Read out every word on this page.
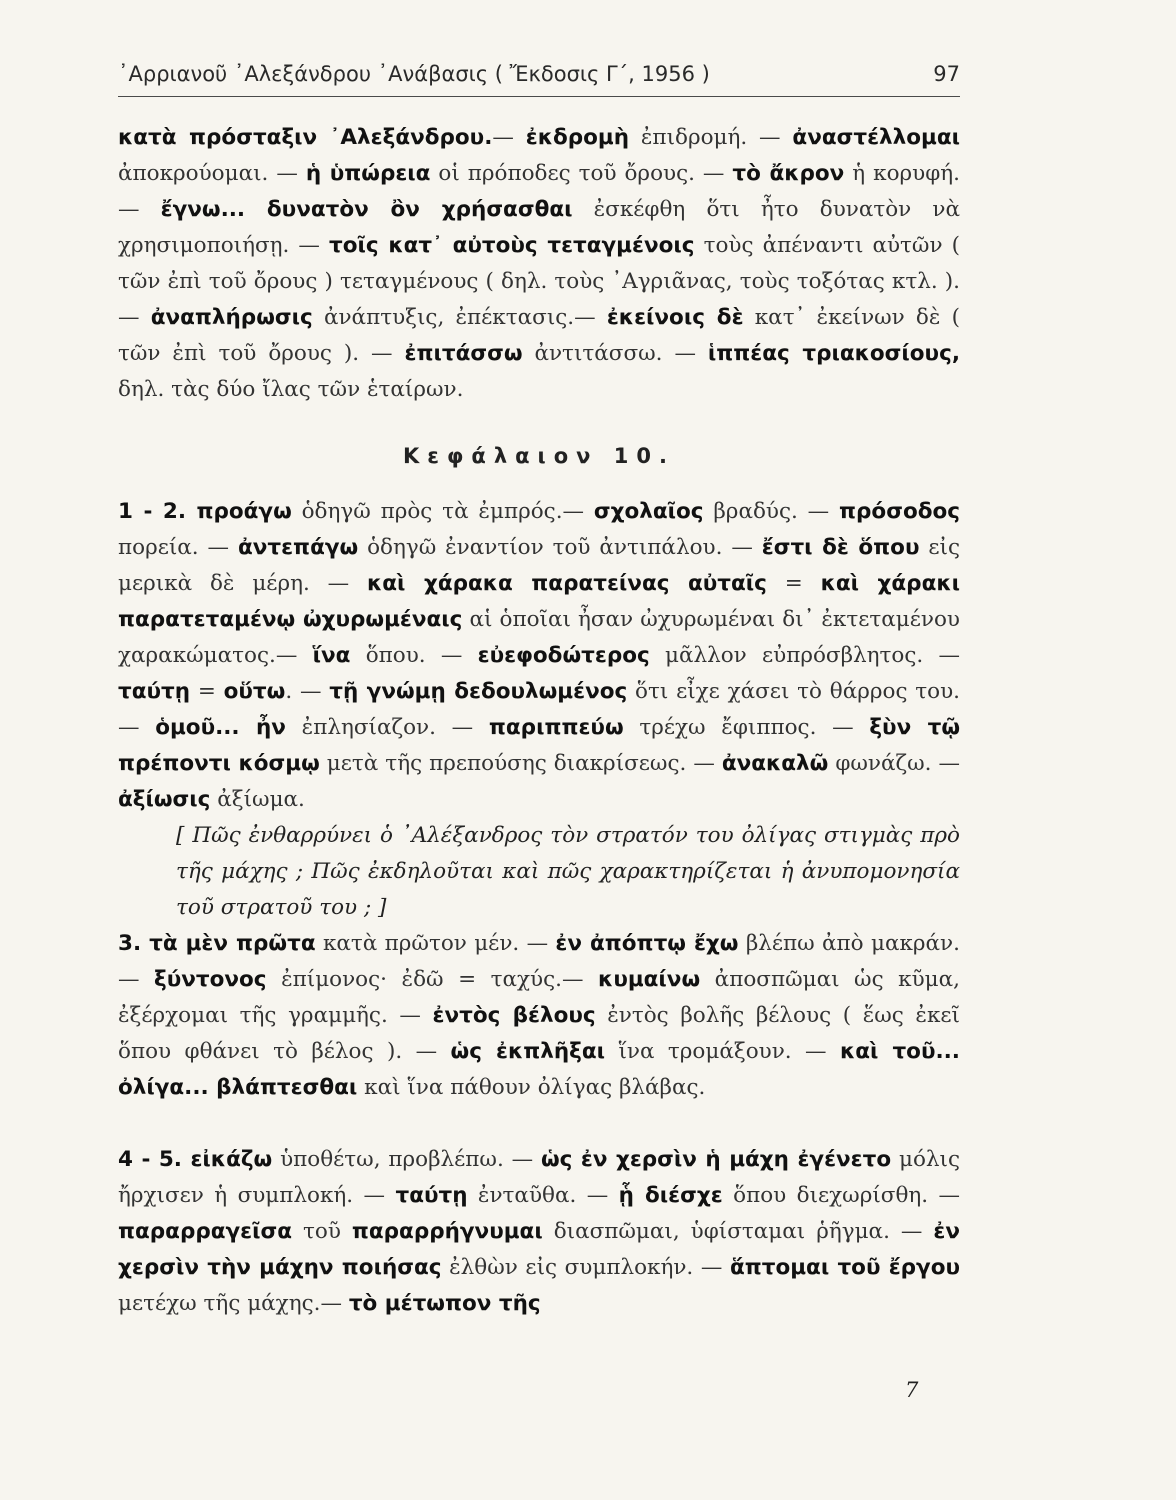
᾿Αρριανοῦ ᾿Αλεξάνδρου ᾿Ανάβασις ( Ἔκδοσις Γ΄, 1956 )	97

κατὰ πρόσταξιν ᾿Αλεξάνδρου.— ἐκδρομὴ ἐπιδρομή. — ἀναστέλλομαι ἀποκρούομαι. — ἡ ὑπώρεια οἱ πρόποδες τοῦ ὄρους. — τὸ ἄκρον ἡ κορυφή. — ἔγνω... δυνατὸν ὂν χρήσασθαι ἐσκέφθη ὅτι ἦτο δυνατὸν νὰ χρησιμοποιήσῃ. — τοῖς κατ᾿ αὐτοὺς τεταγμένοις τοὺς ἀπέναντι αὐτῶν ( τῶν ἐπὶ τοῦ ὄρους ) τεταγμένους ( δηλ. τοὺς ᾿Αγριᾶνας, τοὺς τοξότας κτλ. ). — ἀναπλήρωσις ἀνάπτυξις, ἐπέκτασις.— ἐκείνοις δὲ κατ᾿ ἐκείνων δὲ ( τῶν ἐπὶ τοῦ ὄρους ). — ἐπιτάσσω ἀντιτάσσω. — ἱππέας τριακοσίους, δηλ. τὰς δύο ἴλας τῶν ἑταίρων.

Κεφάλαιον 10.

1 - 2. προάγω ὁδηγῶ πρὸς τὰ ἐμπρός.— σχολαῖος βραδύς. — πρόσοδος πορεία. — ἀντεπάγω ὁδηγῶ ἐναντίον τοῦ ἀντιπάλου. — ἔστι δὲ ὅπου εἰς μερικὰ δὲ μέρη. — καὶ χάρακα παρατείνας αὐταῖς = καὶ χάρακι παρατεταμένῳ ὠχυρωμέναις αἱ ὁποῖαι ἦσαν ὠχυρωμέναι δι᾿ ἐκτεταμένου χαρακώματος.— ἵνα ὅπου. — εὐεφοδώτερος μᾶλλον εὐπρόσβλητος. — ταύτῃ = οὕτω. — τῇ γνώμῃ δεδουλωμένος ὅτι εἶχε χάσει τὸ θάρρος του.— ὁμοῦ... ἦν ἐπλησίαζον. — παριππεύω τρέχω ἔφιππος. — ξὺν τῷ πρέποντι κόσμῳ μετὰ τῆς πρεπούσης διακρίσεως. — ἀνακαλῶ φωνάζω. — ἀξίωσις ἀξίωμα.

[ Πῶς ἐνθαρρύνει ὁ ᾿Αλέξανδρος τὸν στρατόν του ὀλίγας στιγμὰς πρὸ τῆς μάχης ; Πῶς ἐκδηλοῦται καὶ πῶς χαρακτηρίζεται ἡ ἀνυπομονησία τοῦ στρατοῦ του ; ]

3. τὰ μὲν πρῶτα κατὰ πρῶτον μέν. — ἐν ἀπόπτῳ ἔχω βλέπω ἀπὸ μακράν. — ξύντονος ἐπίμονος· ἐδῶ = ταχύς.— κυμαίνω ἀποσπῶμαι ὡς κῦμα, ἐξέρχομαι τῆς γραμμῆς. — ἐντὸς βέλους ἐντὸς βολῆς βέλους ( ἕως ἐκεῖ ὅπου φθάνει τὸ βέλος ). — ὡς ἐκπλῆξαι ἵνα τρομάξουν. — καὶ τοῦ... ὀλίγα... βλάπτεσθαι καὶ ἵνα πάθουν ὀλίγας βλάβας.

4 - 5. εἰκάζω ὑποθέτω, προβλέπω. — ὡς ἐν χερσὶν ἡ μάχη ἐγένετο μόλις ἤρχισεν ἡ συμπλοκή. — ταύτῃ ἐνταῦθα. — ᾗ διέσχε ὅπου διεχωρίσθη. — παραρραγεῖσα τοῦ παραρρήγνυμαι διασπῶμαι, ὑφίσταμαι ῥῆγμα. — ἐν χερσὶν τὴν μάχην ποιήσας ἐλθὼν εἰς συμπλοκήν. — ἅπτομαι τοῦ ἔργου μετέχω τῆς μάχης.— τὸ μέτωπον τῆς

7
